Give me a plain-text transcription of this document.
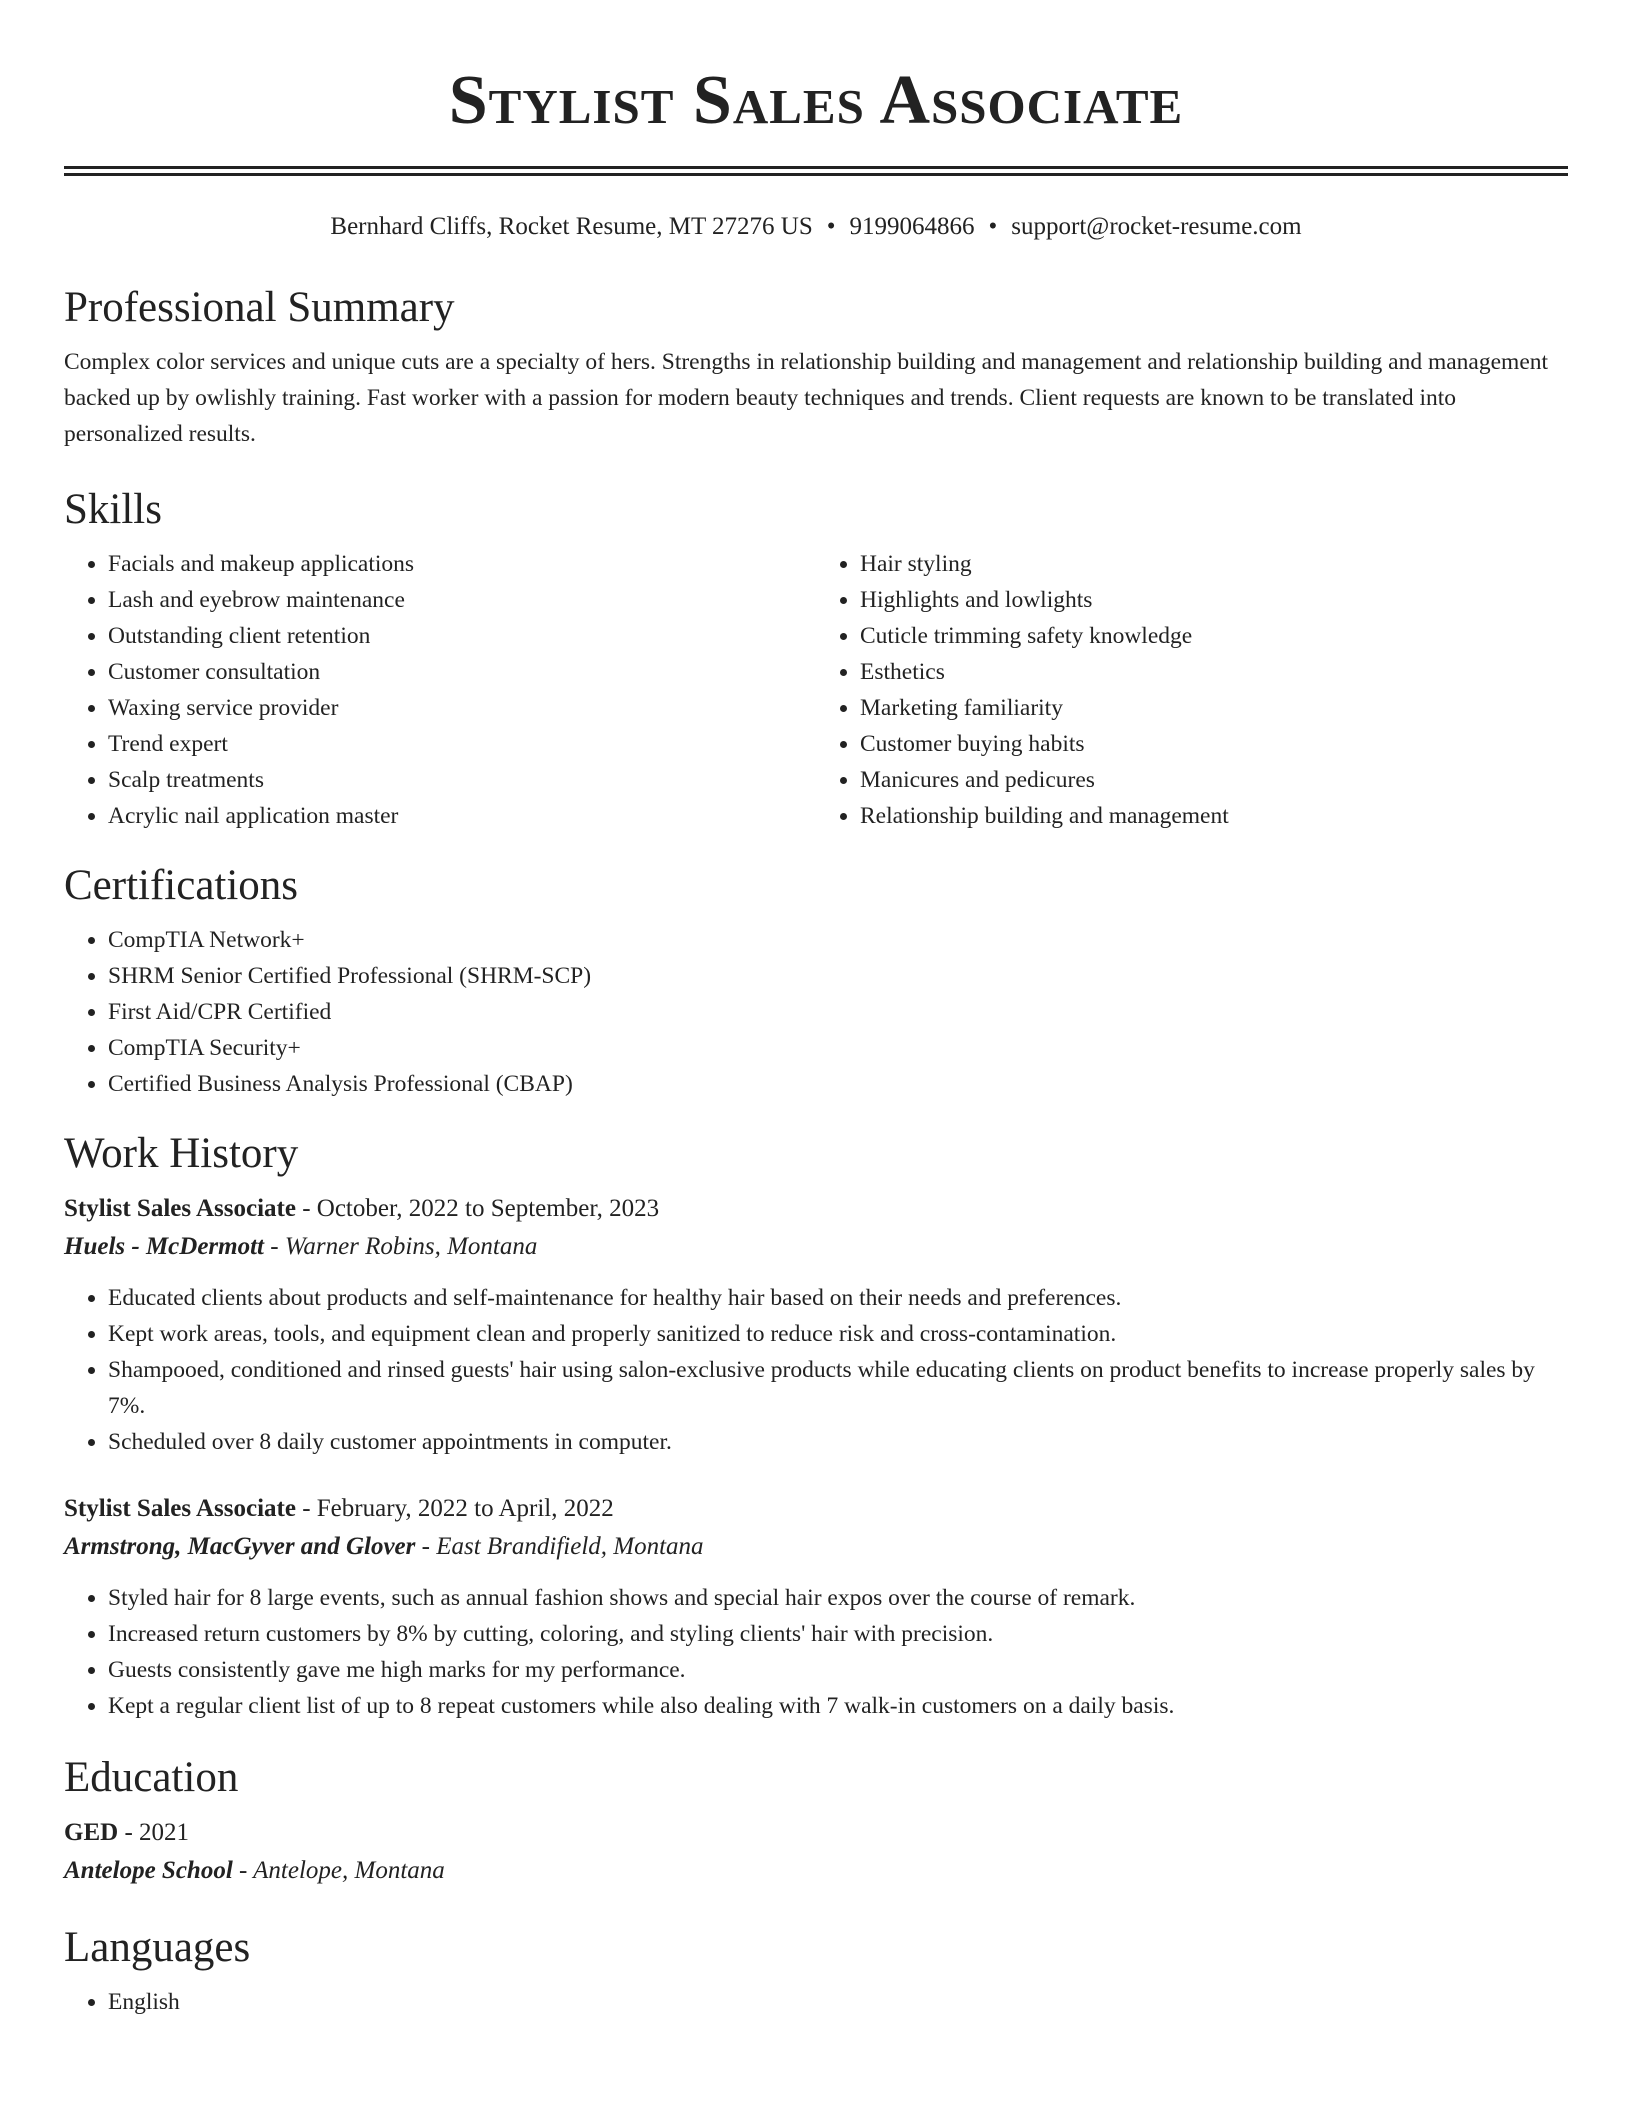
Stylist Sales Associate
Bernhard Cliffs, Rocket Resume, MT 27276 US • 9199064866 • support@rocket-resume.com
Professional Summary

Complex color services and unique cuts are a specialty of hers. Strengths in relationship building and management and relationship building and management backed up by owlishly training. Fast worker with a passion for modern beauty techniques and trends. Client requests are known to be translated into personalized results.

Skills
• Facials and makeup applications
• Lash and eyebrow maintenance
• Outstanding client retention
• Customer consultation
• Waxing service provider
• Trend expert
• Scalp treatments
• Acrylic nail application master
• Hair styling
• Highlights and lowlights
• Cuticle trimming safety knowledge
• Esthetics
• Marketing familiarity
• Customer buying habits
• Manicures and pedicures
• Relationship building and management
Certifications
• CompTIA Network+
• SHRM Senior Certified Professional (SHRM-SCP)
• First Aid/CPR Certified
• CompTIA Security+
• Certified Business Analysis Professional (CBAP)
Work History
Stylist Sales Associate - October, 2022 to September, 2023
Huels - McDermott - Warner Robins, Montana
• Educated clients about products and self-maintenance for healthy hair based on their needs and preferences.
• Kept work areas, tools, and equipment clean and properly sanitized to reduce risk and cross-contamination.
• Shampooed, conditioned and rinsed guests' hair using salon-exclusive products while educating clients on product benefits to increase properly sales by 7%.
• Scheduled over 8 daily customer appointments in computer.
Stylist Sales Associate - February, 2022 to April, 2022
Armstrong, MacGyver and Glover - East Brandifield, Montana
• Styled hair for 8 large events, such as annual fashion shows and special hair expos over the course of remark.
• Increased return customers by 8% by cutting, coloring, and styling clients' hair with precision.
• Guests consistently gave me high marks for my performance.
• Kept a regular client list of up to 8 repeat customers while also dealing with 7 walk-in customers on a daily basis.
Education
GED - 2021
Antelope School - Antelope, Montana
Languages
• English
